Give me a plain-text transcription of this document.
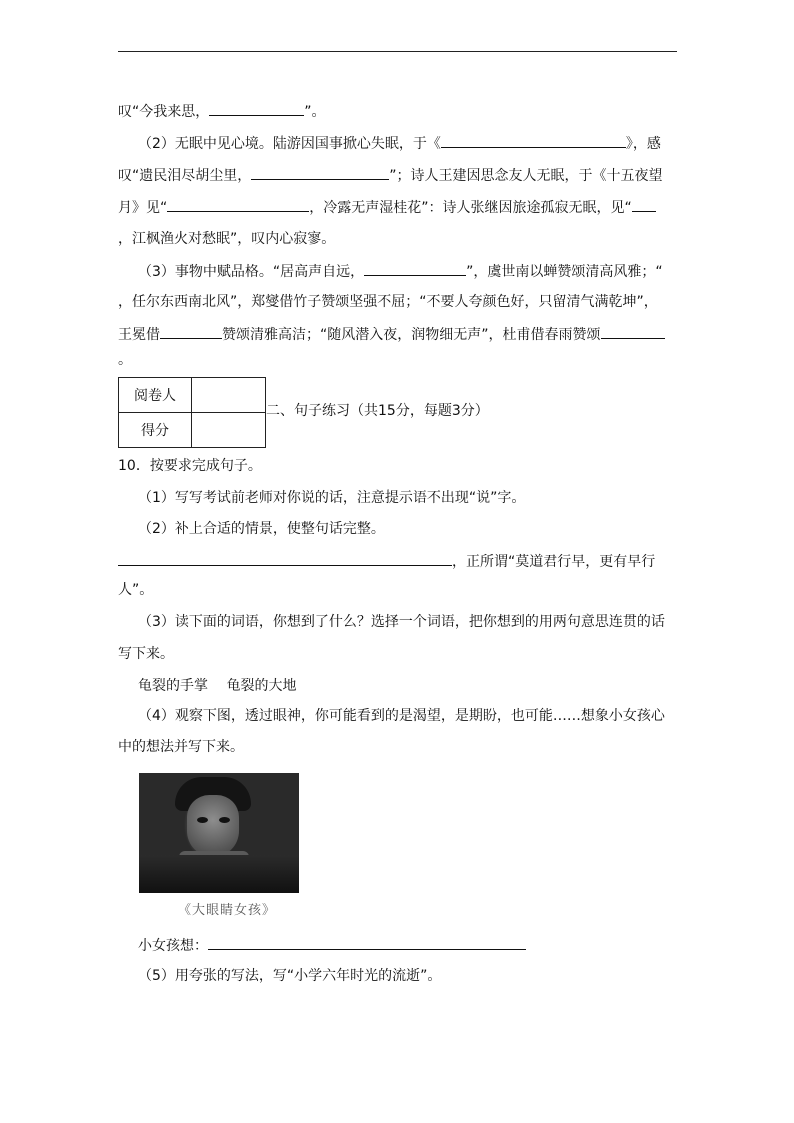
叹“今我来思，	”。
（2）无眠中见心境。陆游因国事掀心失眠，于《	》，感
叹“遗民泪尽胡尘里，	”；诗人王建因思念友人无眠，于《十五夜望
月》见“	，冷露无声湿桂花”：诗人张继因旅途孤寂无眠，见“
，江枫渔火对愁眠”，叹内心寂寥。
（3）事物中赋品格。“居高声自远，	”，虞世南以蝉赞颂清高风雅；“
，任尔东西南北风”，郑燮借竹子赞颂坚强不屈；“不要人夸颜色好，只留清气满乾坤”，
王冕借	赞颂清雅高洁；“随风潜入夜，润物细无声”，杜甫借春雨赞颂
。
阅卷人	
得分	
二、句子练习（共15分，每题3分）
10．按要求完成句子。
（1）写写考试前老师对你说的话，注意提示语不出现“说”字。
（2）补上合适的情景，使整句话完整。
，正所谓“莫道君行早，更有早行
人”。
（3）读下面的词语，你想到了什么？选择一个词语，把你想到的用两句意思连贯的话
写下来。
龟裂的手掌　 龟裂的大地
（4）观察下图，透过眼神，你可能看到的是渴望，是期盼，也可能……想象小女孩心
中的想法并写下来。
《大眼睛女孩》
小女孩想：
（5）用夸张的写法，写“小学六年时光的流逝”。
